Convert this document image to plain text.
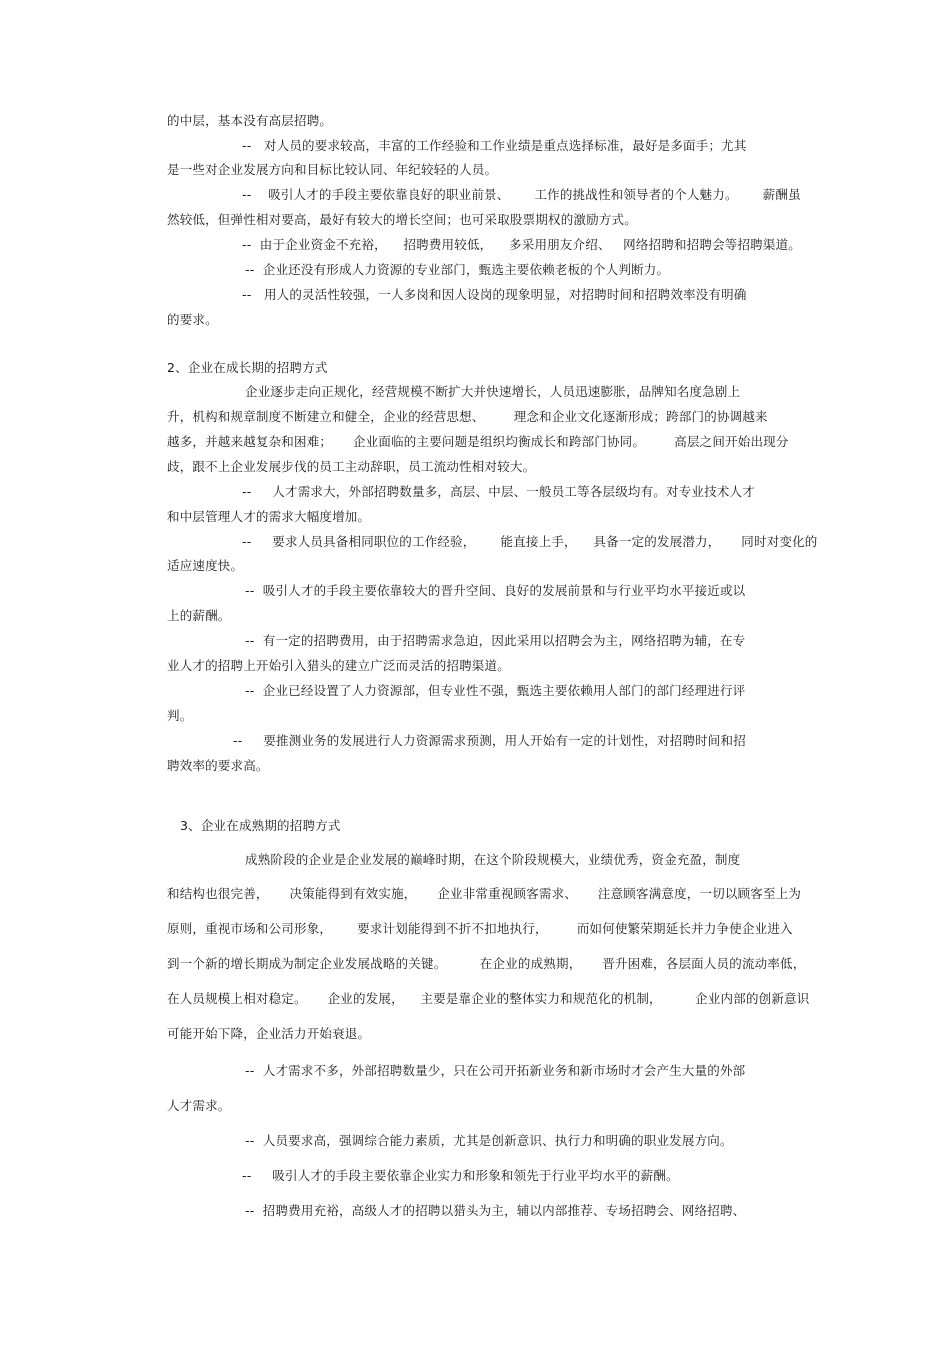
的中层，基本没有高层招聘。
--   对人员的要求较高，丰富的工作经验和工作业绩是重点选择标准，最好是多面手；尤其
是一些对企业发展方向和目标比较认同、年纪较轻的人员。
--    吸引人才的手段主要依靠良好的职业前景、      工作的挑战性和领导者的个人魅力。      薪酬虽
然较低，但弹性相对要高，最好有较大的增长空间；也可采取股票期权的激励方式。
--  由于企业资金不充裕，    招聘费用较低，    多采用朋友介绍、   网络招聘和招聘会等招聘渠道。
--  企业还没有形成人力资源的专业部门，甄选主要依赖老板的个人判断力。
--   用人的灵活性较强，一人多岗和因人设岗的现象明显，对招聘时间和招聘效率没有明确
的要求。
2、企业在成长期的招聘方式
企业逐步走向正规化，经营规模不断扩大并快速增长，人员迅速膨胀，品牌知名度急剧上
升，机构和规章制度不断建立和健全，企业的经营思想、       理念和企业文化逐渐形成；跨部门的协调越来
越多，并越来越复杂和困难；     企业面临的主要问题是组织均衡成长和跨部门协同。       高层之间开始出现分
歧，跟不上企业发展步伐的员工主动辞职，员工流动性相对较大。
--     人才需求大，外部招聘数量多，高层、中层、一般员工等各层级均有。对专业技术人才
和中层管理人才的需求大幅度增加。
--     要求人员具备相同职位的工作经验，      能直接上手，    具备一定的发展潜力，     同时对变化的
适应速度快。
--  吸引人才的手段主要依靠较大的晋升空间、良好的发展前景和与行业平均水平接近或以
上的薪酬。
--  有一定的招聘费用，由于招聘需求急迫，因此采用以招聘会为主，网络招聘为辅，在专
业人才的招聘上开始引入猎头的建立广泛而灵活的招聘渠道。
--  企业已经设置了人力资源部，但专业性不强，甄选主要依赖用人部门的部门经理进行评
判。
--     要推测业务的发展进行人力资源需求预测，用人开始有一定的计划性，对招聘时间和招
聘效率的要求高。
3、企业在成熟期的招聘方式
成熟阶段的企业是企业发展的巅峰时期，在这个阶段规模大，业绩优秀，资金充盈，制度
和结构也很完善，     决策能得到有效实施，     企业非常重视顾客需求、     注意顾客满意度，一切以顾客至上为
原则，重视市场和公司形象，      要求计划能得到不折不扣地执行，       而如何使繁荣期延长并力争使企业进入
到一个新的增长期成为制定企业发展战略的关键。        在企业的成熟期，     晋升困难，各层面人员的流动率低，
在人员规模上相对稳定。     企业的发展，    主要是靠企业的整体实力和规范化的机制，        企业内部的创新意识
可能开始下降，企业活力开始衰退。
--  人才需求不多，外部招聘数量少，只在公司开拓新业务和新市场时才会产生大量的外部
人才需求。
--  人员要求高，强调综合能力素质，尤其是创新意识、执行力和明确的职业发展方向。
--     吸引人才的手段主要依靠企业实力和形象和领先于行业平均水平的薪酬。
--  招聘费用充裕，高级人才的招聘以猎头为主，辅以内部推荐、专场招聘会、网络招聘、
